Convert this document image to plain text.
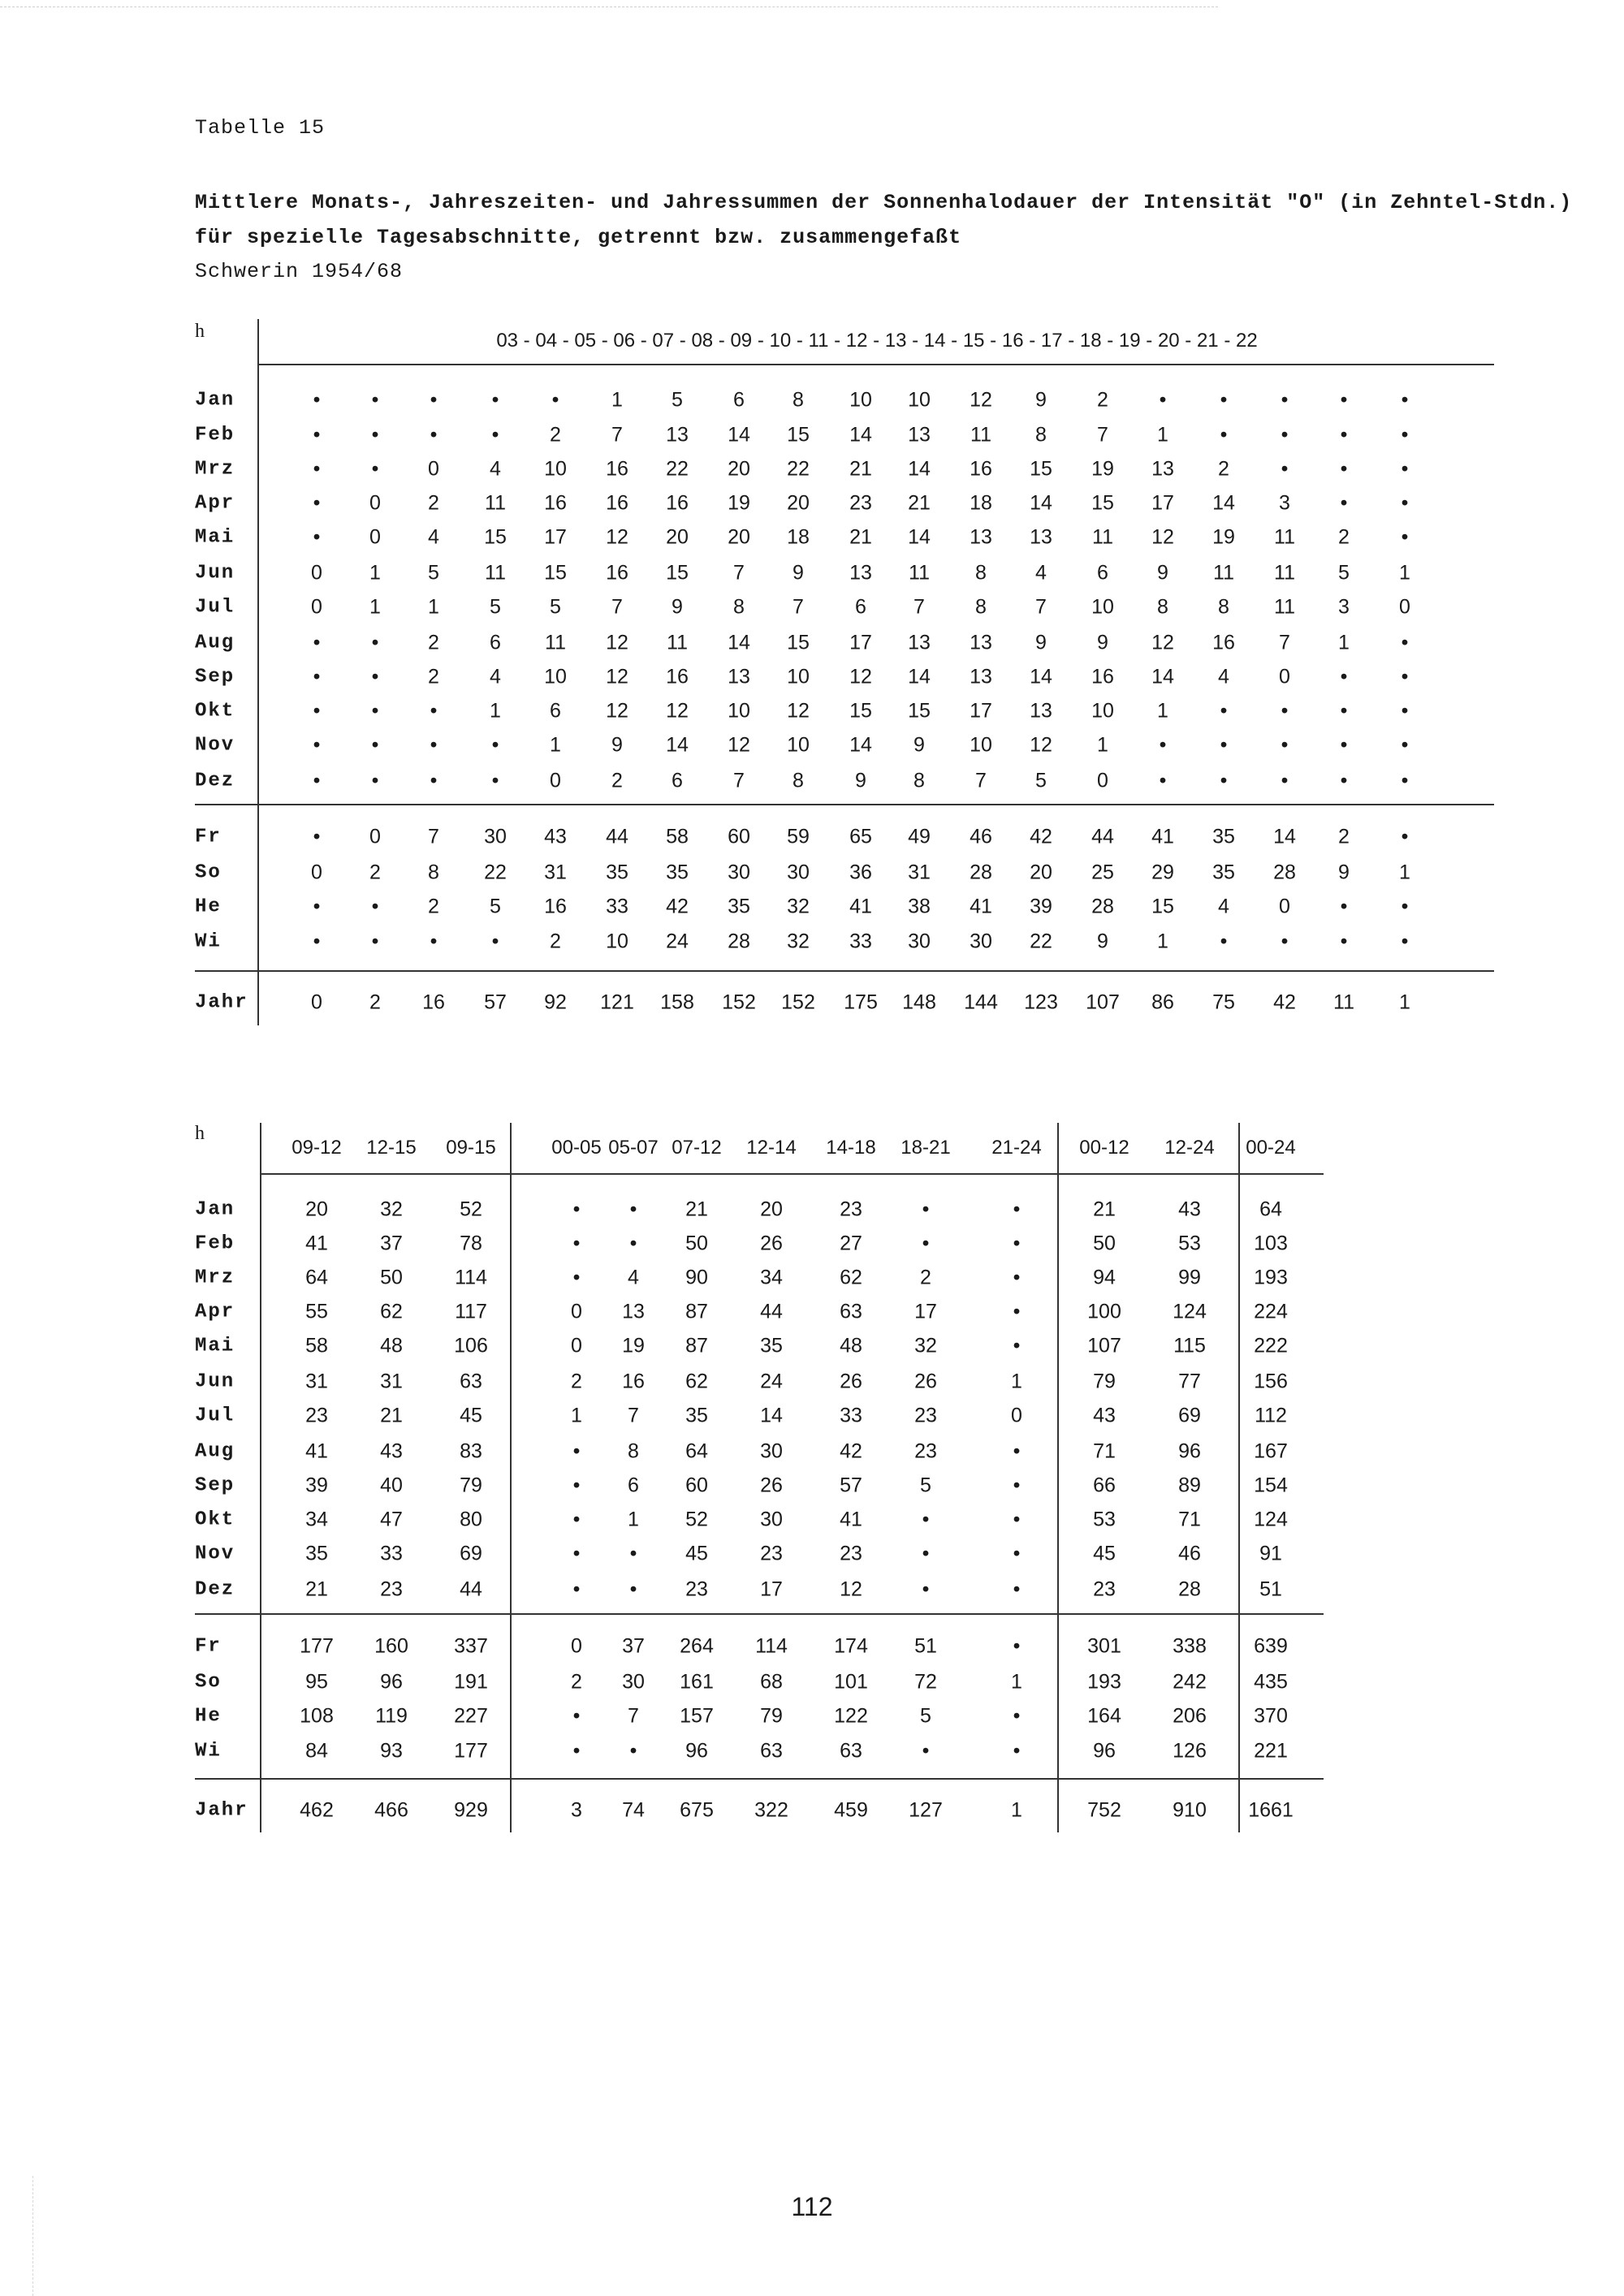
Tabelle 15
Mittlere Monats-, Jahreszeiten- und Jahressummen der Sonnenhalodauer der Intensität "O" (in Zehntel-Stdn.)
für spezielle Tagesabschnitte, getrennt bzw. zusammengefaßt
Schwerin 1954/68
h	03 - 04 - 05 - 06 - 07 - 08 - 09 - 10 - 11 - 12 - 13 - 14 - 15 - 16 - 17 - 18 - 19 - 20 - 21 - 22
Jan	•	•	•	•	•	1 5 6 8 10 10 12 9 2	•	•	•	•	•
Feb	•	•	•	•	2 7 13 14 15 14 13 11 8 7 1	•	•	•	•
Mrz	•	• 0 4 10 16 22 20 22 21 14 16 15 19 13 2	•	•	•
Apr	• 0 2 11 16 16 16 19 20 23 21 18 14 15 17 14 3 •	•
Mai	• 0 4 15 17 12 20 20 18 21 14 13 13 11 12 19 11 2	•
Jun	0 1 5 11 15 16 15 7 9 13 11 8 4 6 9 11 11 5 1
Jul	0 1 1 5 5 7 9 8 7	6 7 8 7 10 8 8 11 3 0
Aug	•	• 2 6 11 12 11 14 15 17 13 13 9 9 12 16 7 1	•
Sep	•	• 2 4 10 12 16 13 10 12 14 13 14 16 14 4 0 •	•
Okt	•	•	•	1 6 12 12 10 12 15 15 17 13 10 1	•	•	•	•
Nov	•	•	•	•	1 9 14 12 10 14 9 10 12 1	•	•	•	•	•
Dez	•	•	•	•	0 2 6 7 8	9 8 7 5 0	•	•	•	•	•
Fr	• 0 7 30 43 44 58 60 59 65 49 46 42 44 41 35 14 2	•
So	0 2 8 22 31 35 35 30 30 36 31 28 20 25 29 35 28 9 1
He	•	• 2 5 16 33 42 35 32 41 38 41 39 28 15 4 0 •	•
Wi	•	•	•	•	2 10 24 28 32 33 30 30 22 9 1	•	•	•	•
Jahr	0 2 16 57 92 121 158 152 152 175 148 144 123 107 86 75 42 11 1
h
09-12 12-15 09-15	00-05 05-07 07-12 12-14 14-18 18-21 21-24 00-12 12-24 00-24
Jan	20	32	52	• • 21	20	23	•	•	21	43	64
Feb	41	37	78	• • 50	26	27	•	•	50	53	103
Mrz	64	50	114	• 4 90	34	62	2	•	94	99	193
Apr	55	62	117	0 13 87	44	63	17	•	100	124 224
Mai	58	48	106	0 19 87	35	48	32	•	107	115 222
Jun	31	31	63	2 16 62	24	26	26	1	79	77	156
Jul	23	21	45	1 7 35	14	33	23	0	43	69	112
Aug	41	43	83	• 8 64	30	42	23	•	71	96	167
Sep	39	40	79	• 6 60	26	57	5	•	66	89	154
Okt	34	47	80	• 1 52	30	41	•	•	53	71	124
Nov	35	33	69	• • 45	23	23	•	•	45	46	91
Dez	21	23	44	• • 23	17	12	•	•	23	28	51
Fr	177 160 337	0 37 264 114 174 51	•	301	338 639
So	95	96	191	2 30 161 68	101 72	1	193	242 435
He	108 119 227	• 7 157 79	122	5	•	164	206 370
Wi	84	93	177	• • 96	63	63	•	•	96	126 221
Jahr	462 466 929	3 74 675 322 459 127	1	752	910 1661
112
